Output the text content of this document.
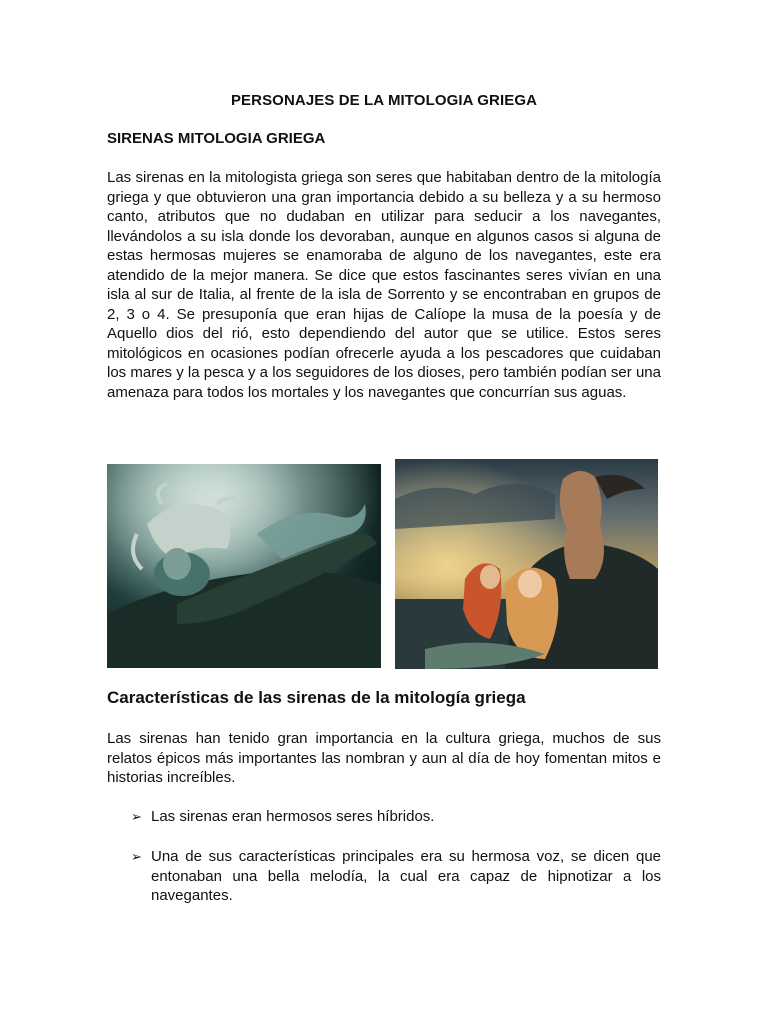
PERSONAJES DE LA MITOLOGIA GRIEGA
SIRENAS MITOLOGIA GRIEGA
Las sirenas en la mitologista griega son seres que habitaban dentro de la mitología griega y que obtuvieron una gran importancia debido a su belleza y a su hermoso canto, atributos que no dudaban en utilizar para seducir a los navegantes, llevándolos a su isla donde los devoraban, aunque en algunos casos si alguna de estas hermosas mujeres se enamoraba de alguno de los navegantes, este era atendido de la mejor manera. Se dice que estos fascinantes seres vivían en una isla al sur de Italia, al frente de la isla de Sorrento y se encontraban en grupos de 2, 3 o 4. Se presuponía que eran hijas de Calíope la musa de la poesía y de Aquello dios del rió, esto dependiendo del autor que se utilice. Estos seres mitológicos en ocasiones podían ofrecerle ayuda a los pescadores que cuidaban los mares y la pesca y a los seguidores de los dioses, pero también podían ser una amenaza para todos los mortales y los navegantes que concurrían sus aguas.
Características de las sirenas de la mitología griega
Las sirenas han tenido gran importancia en la cultura griega, muchos de sus relatos épicos más importantes las nombran y aun al día de hoy fomentan mitos e historias increíbles.
➢ Las sirenas eran hermosos seres híbridos.
➢ Una de sus características principales era su hermosa voz, se dicen que entonaban una bella melodía, la cual era capaz de hipnotizar a los navegantes.
